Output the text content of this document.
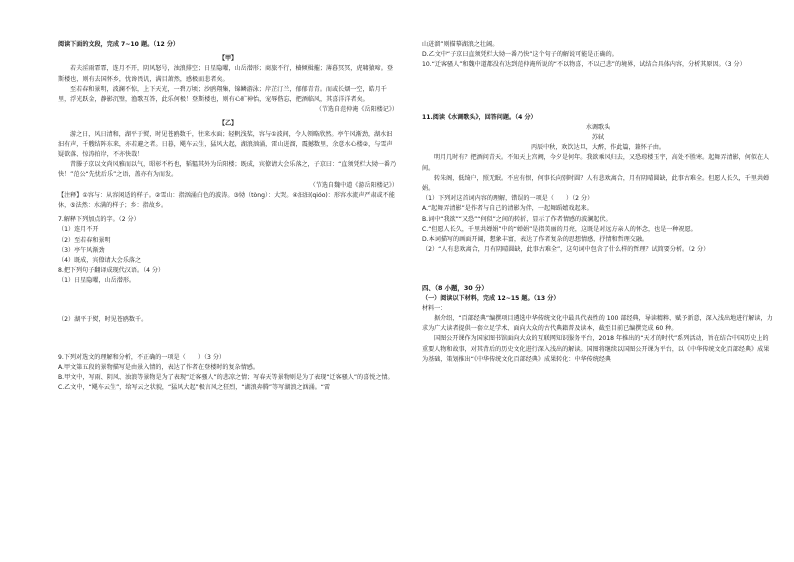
阅读下面的文段，完成 7~10 题。（12 分）

【甲】

若夫淫雨霏霏，连月不开，阴风怒号，浊浪排空；日星隐曜，山岳潜形；商旅不行，樯倾楫摧；薄暮冥冥，虎啸猿啼。登斯楼也，则有去国怀乡，忧谗畏讥，满目萧然，感极而悲者矣。

至若春和景明，波澜不惊，上下天光，一碧万顷；沙鸥翔集，锦鳞游泳；岸芷汀兰，郁郁青青。而或长烟一空，皓月千里，浮光跃金，静影沉璧，渔歌互答，此乐何极！登斯楼也，则有心旷神怡，宠辱偕忘，把酒临风，其喜洋洋者矣。

（节选自范仲淹《岳阳楼记》）

【乙】

游之日，风日清和，湖平于熨，时见苍鸥数千，往来水面；轻帆浅桨，容与①波间，令人领略欣然。亭午风渐劲，湖水汩汩有声，千艘结阵东来，亦若避之者。日暮，飓车云生，猛风大起，湖浪汹涌，雷山迸溜，震撼数里，余意水心楼②，与雪声疑欲落、惊涛拍岸，不亦快哉！

昔滕子京以文尚风雅而以气，昭彰不朽也，韬韫其外为岳阳楼；既成，宾僚请大会乐落之，子京曰：“直须凭栏大恸一番乃快！”范公“先忧后乐”之语，盖亦有为而发。

（节选自魏中道《游岳阳楼记》）

【注释】①容与：从容闲适的样子。②雪山：指汹涌白色的波涛。③恸（tòng）：大哭。④汩汩(qióo)：形容水流声严肃或不能休，⑤法然：水满的样子；乡：指故乡。

7.解释下列加点的字。（2 分）

（1）连月不开

（2）至若春和景明

（3）亭午风渐劲

（4）既成，宾僚请大会乐落之

8.把下列句子翻译成现代汉语。（4 分）

（1）日星隐曜，山岳潜形。

（2）湖平于熨，时见苍鸥数千。

9.下列对选文的理解和分析，不正确的一项是（　　）（3 分）

A.甲文第五段的景物描写是由景入情的，表达了作者在登楼时的复杂情感。

B.甲文中，写雨、阴风、浊浪等景物是为了表现“迁客骚人”的悲凉之情；写春天等景物则是为了表现“迁客骚人”的喜悦之情。

C.乙文中，“飓车云生”，给写云之状貌，“猛风大起”极言风之狂烈，“湖浪奔腾”等写湖浪之汹涌。“雷

山迸溜”则描摹湖浪之壮阔。

D.乙文中“子京曰直须凭栏大恸一番乃快”这个句子的解说可能是正确的。

10.“迁客骚人”和魏中道都没有达到范仲淹所说的“不以物喜，不以己悲”的境界，试结合具体内容，分析其原因。（3 分）

11.阅读《水调歌头》，回答问题。（4 分）

水调歌头

苏轼

丙辰中秋，欢饮达旦，大醉，作此篇，兼怀子由。

明月几时有？把酒问青天。不知天上宫阙，今夕是何年。我欲乘风归去，又恐琼楼玉宇，高处不胜寒。起舞弄清影，何似在人间。

转朱阁，低绮户，照无眠。不应有恨，何事长向别时圆？人有悲欢离合，月有阴晴圆缺，此事古难全。但愿人长久，千里共婵娟。

（1）下列对这首词内容的理解，错误的一项是（　　）（2 分）

A.“起舞弄清影”是作者与自己的清影为伴，一起舞蹈嬉戏起来。

B.词中“我欲”“又恐”“何似”之间的转折，显示了作者情感的波澜起伏。

C.“但愿人长久，千里共婵娟”中的“婵娟”是指美丽的月亮，这既是对远方亲人的怀念，也是一种祝愿。

D.本词描写的画面开阔，想象丰富，表达了作者复杂的思想情感，抒情和哲理交融。

（2）“人有悲欢离合，月有阴晴圆缺，此事古难全”，这句词中包含了什么样的哲理？试简要分析。（2 分）

四、（8 小题，30 分）

（一）阅读以下材料，完成 12~15 题。（13 分）

材料一：

据介绍，“百部经典”编撰项目遴选中华传统文化中最具代表性的 100 部经典，导读精粹、赋予新意，深入浅出地进行解读，力求为广大读者提供一套立足学术、面向大众的古代典籍普及读本，截至目前已编撰完成 60 种。

国图公开课作为国家图书馆面向大众的互联网知识服务平台，2018 年推出的“天才的时代”系列活动，旨在结合中国历史上的重要人物和故事，对其背后的历史文化进行深入浅出的解读。国图将继续以国图公开课为平台，以《中华传统文化百部经典》成果为基础，策划推出“《中华传统文化百部经典》成果转化：中华传统经典
